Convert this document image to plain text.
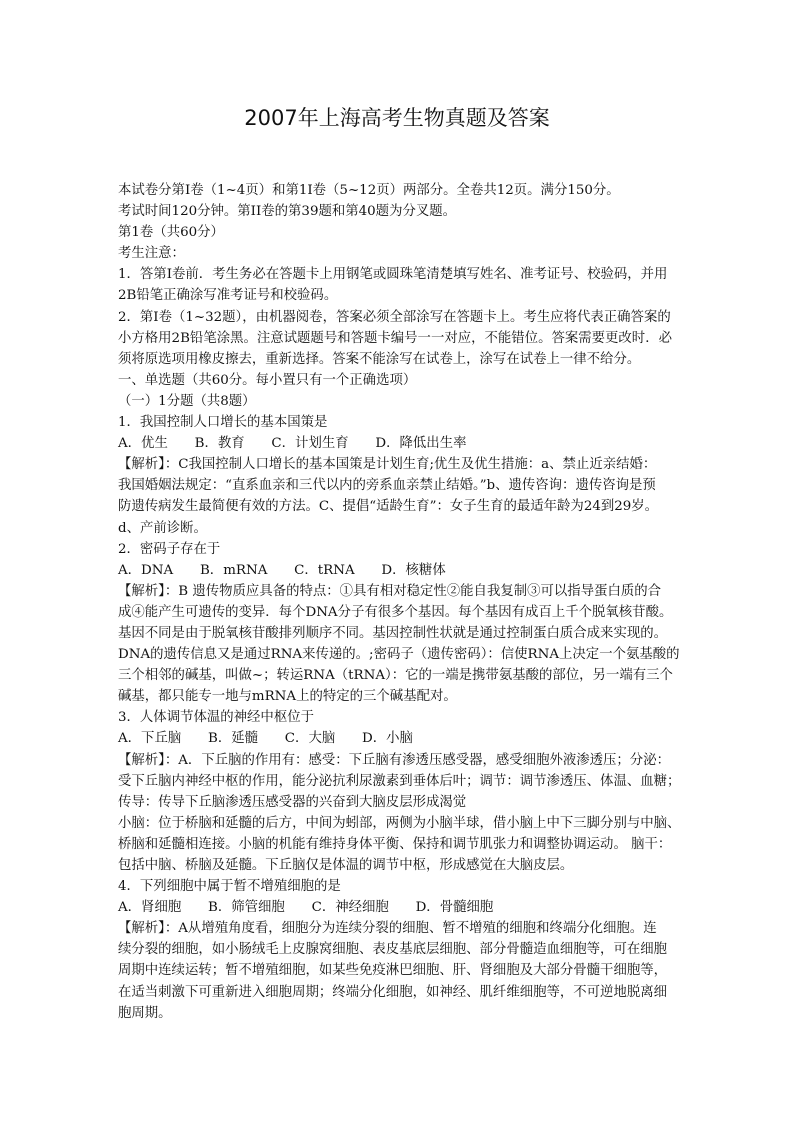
2007年上海高考生物真题及答案

本试卷分第Ⅰ卷（1~4页）和第1I卷（5~12页）两部分。全卷共12页。满分150分。

考试时间120分钟。第II卷的第39题和第40题为分叉题。

第1卷（共60分）

考生注意：

1．答第Ⅰ卷前．考生务必在答题卡上用钢笔或圆珠笔清楚填写姓名、准考证号、校验码，并用

2B铅笔正确涂写准考证号和校验码。

2．第Ⅰ卷（1~32题），由机器阅卷，答案必须全部涂写在答题卡上。考生应将代表正确答案的

小方格用2B铅笔涂黑。注意试题题号和答题卡编号一一对应，不能错位。答案需要更改时．必

须将原选项用橡皮擦去，重新选择。答案不能涂写在试卷上，涂写在试卷上一律不给分。

一、单选题（共60分。每小置只有一个正确选项）

（一）1分题（共8题）

1．我国控制人口增长的基本国策是

A．优生　　B．教育　　C．计划生育　　D．降低出生率

【解析】：C我国控制人口增长的基本国策是计划生育;优生及优生措施：a、禁止近亲结婚：

我国婚姻法规定：“直系血亲和三代以内的旁系血亲禁止结婚。”b、遗传咨询：遗传咨询是预

防遗传病发生最简便有效的方法。C、提倡“适龄生育”：女子生育的最适年龄为24到29岁。

d、产前诊断。

2．密码子存在于

A．DNA　　B．mRNA　　C．tRNA　　D．核糖体

【解析】：B 遗传物质应具备的特点：①具有相对稳定性②能自我复制③可以指导蛋白质的合

成④能产生可遗传的变异．每个DNA分子有很多个基因。每个基因有成百上千个脱氧核苷酸。

基因不同是由于脱氧核苷酸排列顺序不同。基因控制性状就是通过控制蛋白质合成来实现的。

DNA的遗传信息又是通过RNA来传递的。;密码子（遗传密码）：信使RNA上决定一个氨基酸的

三个相邻的碱基，叫做~；转运RNA（tRNA）：它的一端是携带氨基酸的部位，另一端有三个

碱基，都只能专一地与mRNA上的特定的三个碱基配对。

3．人体调节体温的神经中枢位于

A．下丘脑　　B．延髓　　C．大脑　　D．小脑

【解析】：A．下丘脑的作用有：感受：下丘脑有渗透压感受器，感受细胞外液渗透压；分泌：

受下丘脑内神经中枢的作用，能分泌抗利尿激素到垂体后叶；调节：调节渗透压、体温、血糖；

传导：传导下丘脑渗透压感受器的兴奋到大脑皮层形成渴觉

小脑：位于桥脑和延髓的后方，中间为蚓部，两侧为小脑半球，借小脑上中下三脚分别与中脑、

桥脑和延髓相连接。小脑的机能有维持身体平衡、保持和调节肌张力和调整协调运动。 脑干：

包括中脑、桥脑及延髓。下丘脑仅是体温的调节中枢，形成感觉在大脑皮层。

4．下列细胞中属于暂不增殖细胞的是

A．肾细胞　　B．筛管细胞　　C．神经细胞　　D．骨髓细胞

【解析】：A从增殖角度看，细胞分为连续分裂的细胞、暂不增殖的细胞和终端分化细胞。连

续分裂的细胞，如小肠绒毛上皮腺窝细胞、表皮基底层细胞、部分骨髓造血细胞等，可在细胞

周期中连续运转；暂不增殖细胞，如某些免疫淋巴细胞、肝、肾细胞及大部分骨髓干细胞等，

在适当刺激下可重新进入细胞周期；终端分化细胞，如神经、肌纤维细胞等，不可逆地脱离细

胞周期。
